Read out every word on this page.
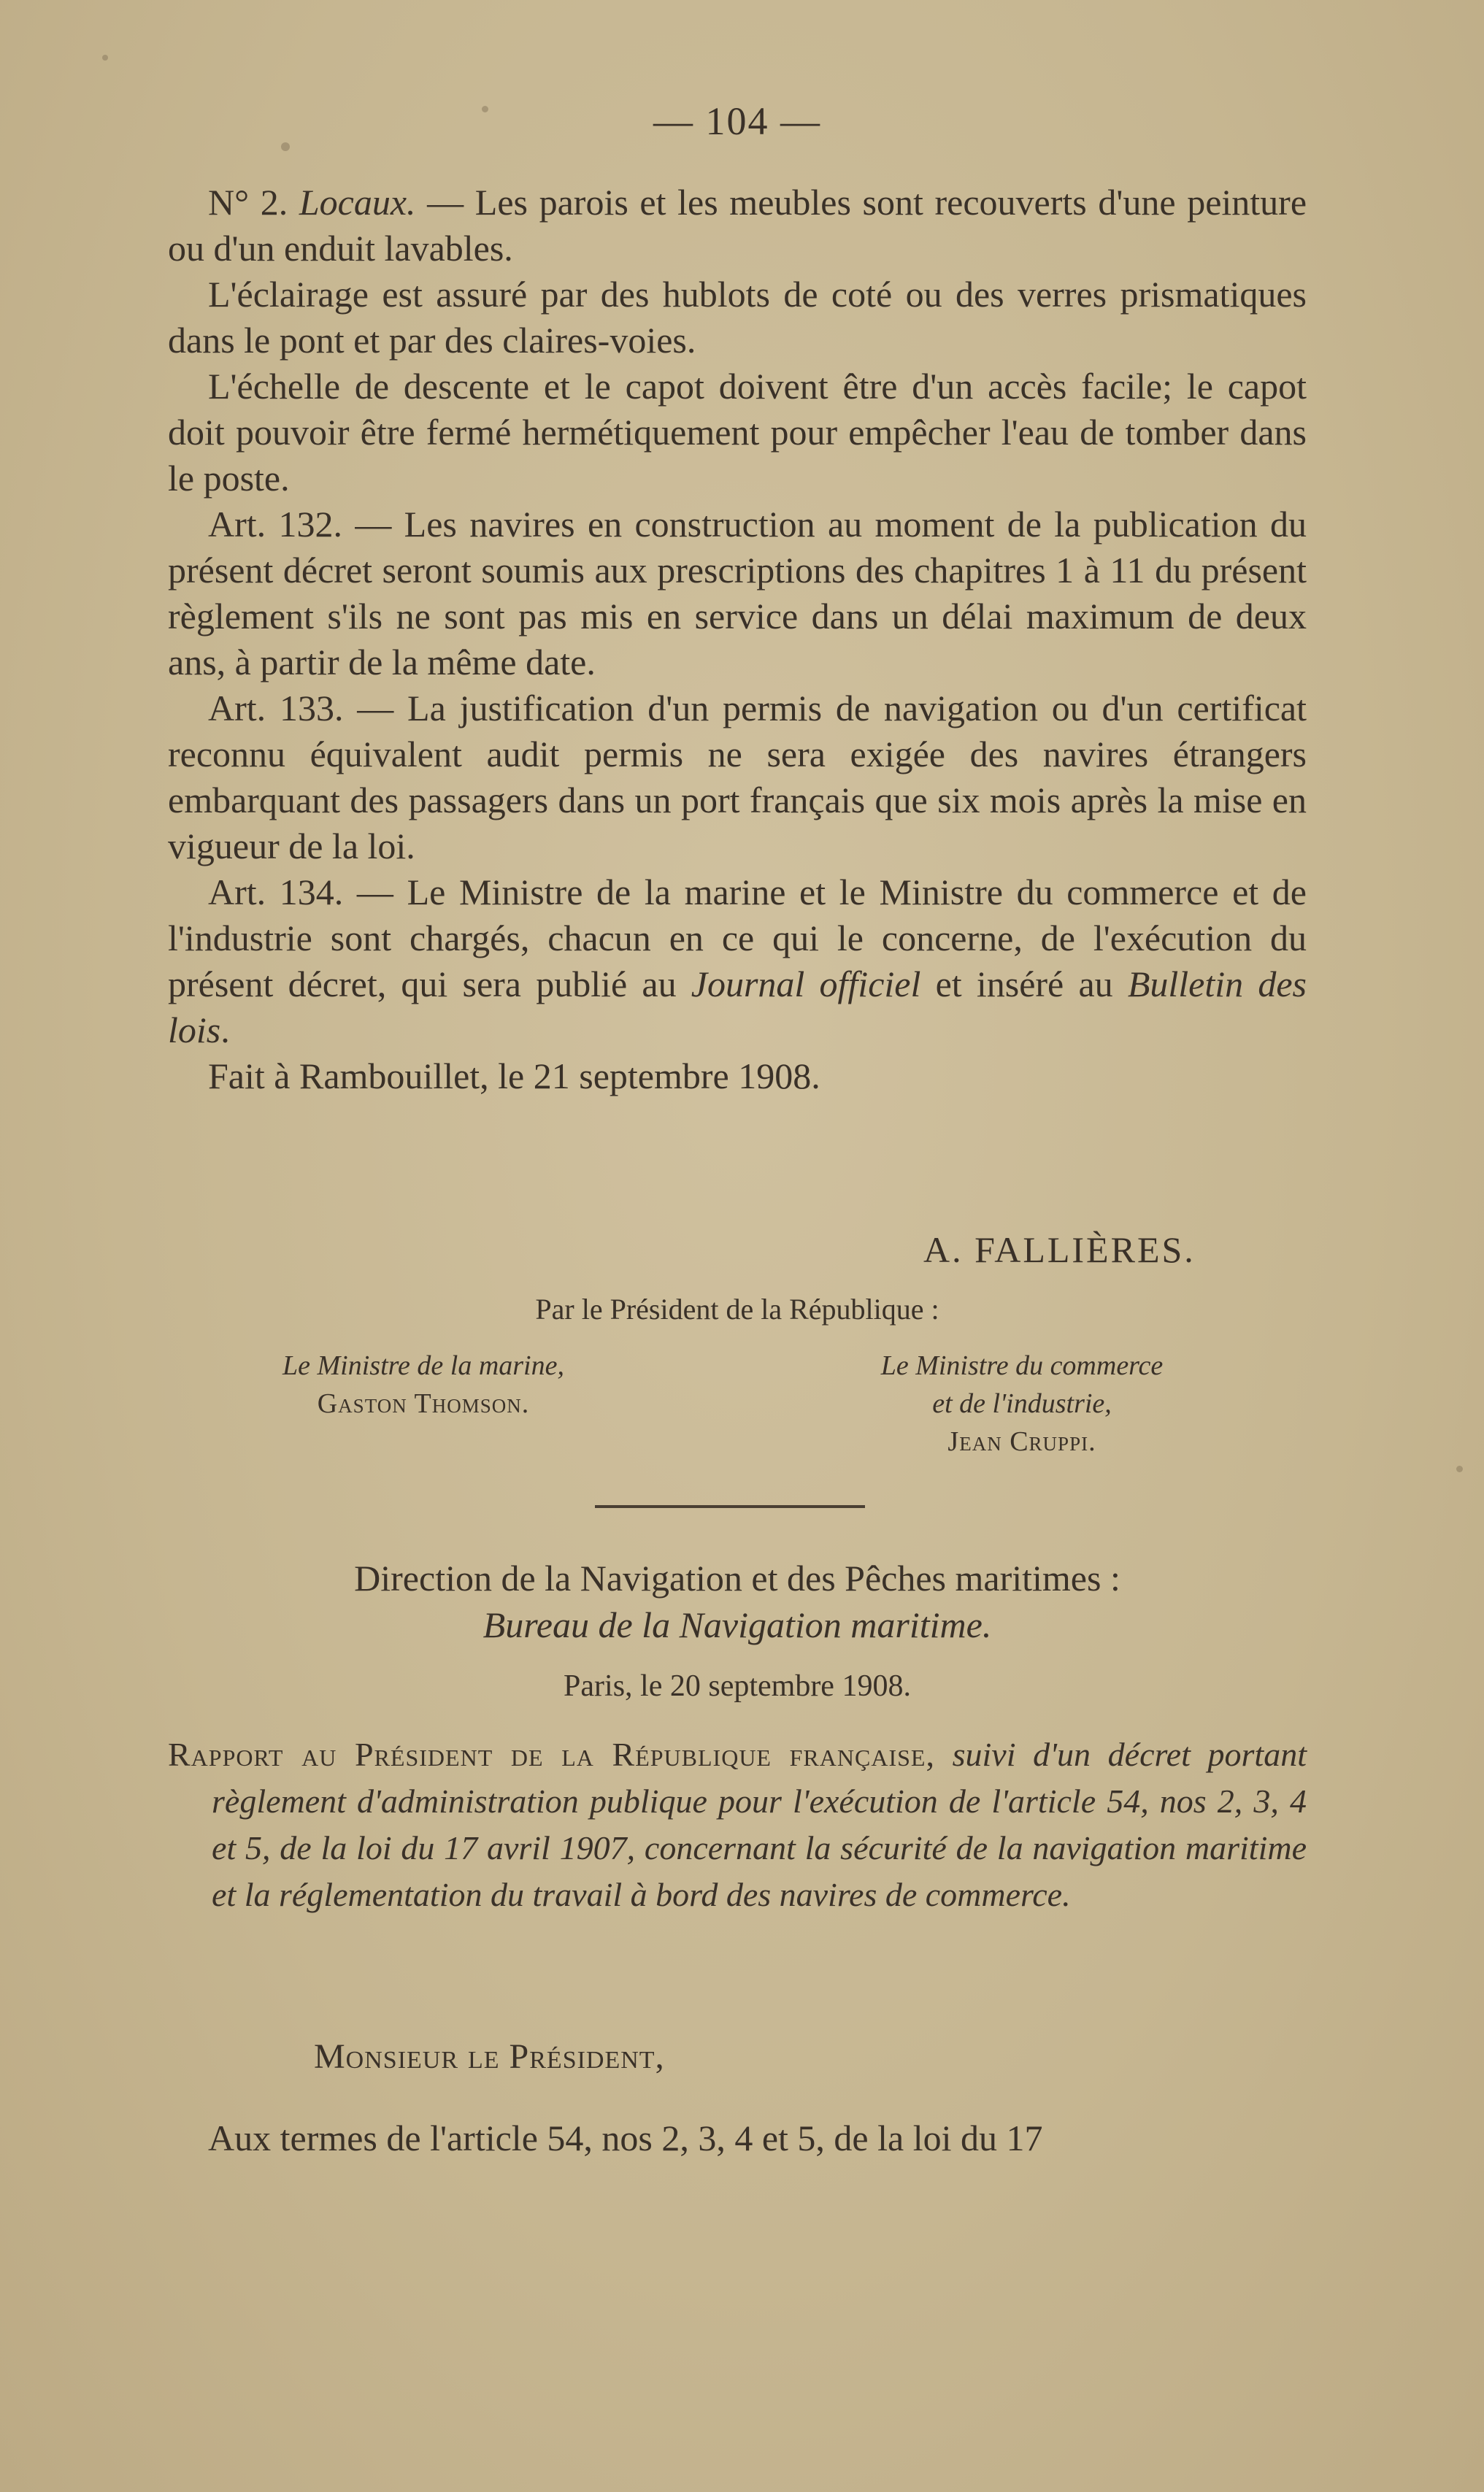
— 104 —

N° 2. Locaux. — Les parois et les meubles sont recouverts d'une peinture ou d'un enduit lavables.

L'éclairage est assuré par des hublots de coté ou des verres prismatiques dans le pont et par des claires-voies.

L'échelle de descente et le capot doivent être d'un accès facile; le capot doit pouvoir être fermé hermétiquement pour empêcher l'eau de tomber dans le poste.

Art. 132. — Les navires en construction au moment de la publication du présent décret seront soumis aux prescriptions des chapitres 1 à 11 du présent règlement s'ils ne sont pas mis en service dans un délai maximum de deux ans, à partir de la même date.

Art. 133. — La justification d'un permis de navigation ou d'un certificat reconnu équivalent audit permis ne sera exigée des navires étrangers embarquant des passagers dans un port français que six mois après la mise en vigueur de la loi.

Art. 134. — Le Ministre de la marine et le Ministre du commerce et de l'industrie sont chargés, chacun en ce qui le concerne, de l'exécution du présent décret, qui sera publié au Journal officiel et inséré au Bulletin des lois.

Fait à Rambouillet, le 21 septembre 1908.

A. FALLIÈRES.
Par le Président de la République :
Le Ministre de la marine,
Gaston Thomson.
Le Ministre du commerce
et de l'industrie,
Jean Cruppi.
Direction de la Navigation et des Pêches maritimes :
Bureau de la Navigation maritime.
Paris, le 20 septembre 1908.

Rapport au Président de la République française, suivi d'un décret portant règlement d'administration publique pour l'exécution de l'article 54, nos 2, 3, 4 et 5, de la loi du 17 avril 1907, concernant la sécurité de la navigation maritime et la réglementation du travail à bord des navires de commerce.

Monsieur le Président,

Aux termes de l'article 54, nos 2, 3, 4 et 5, de la loi du 17
